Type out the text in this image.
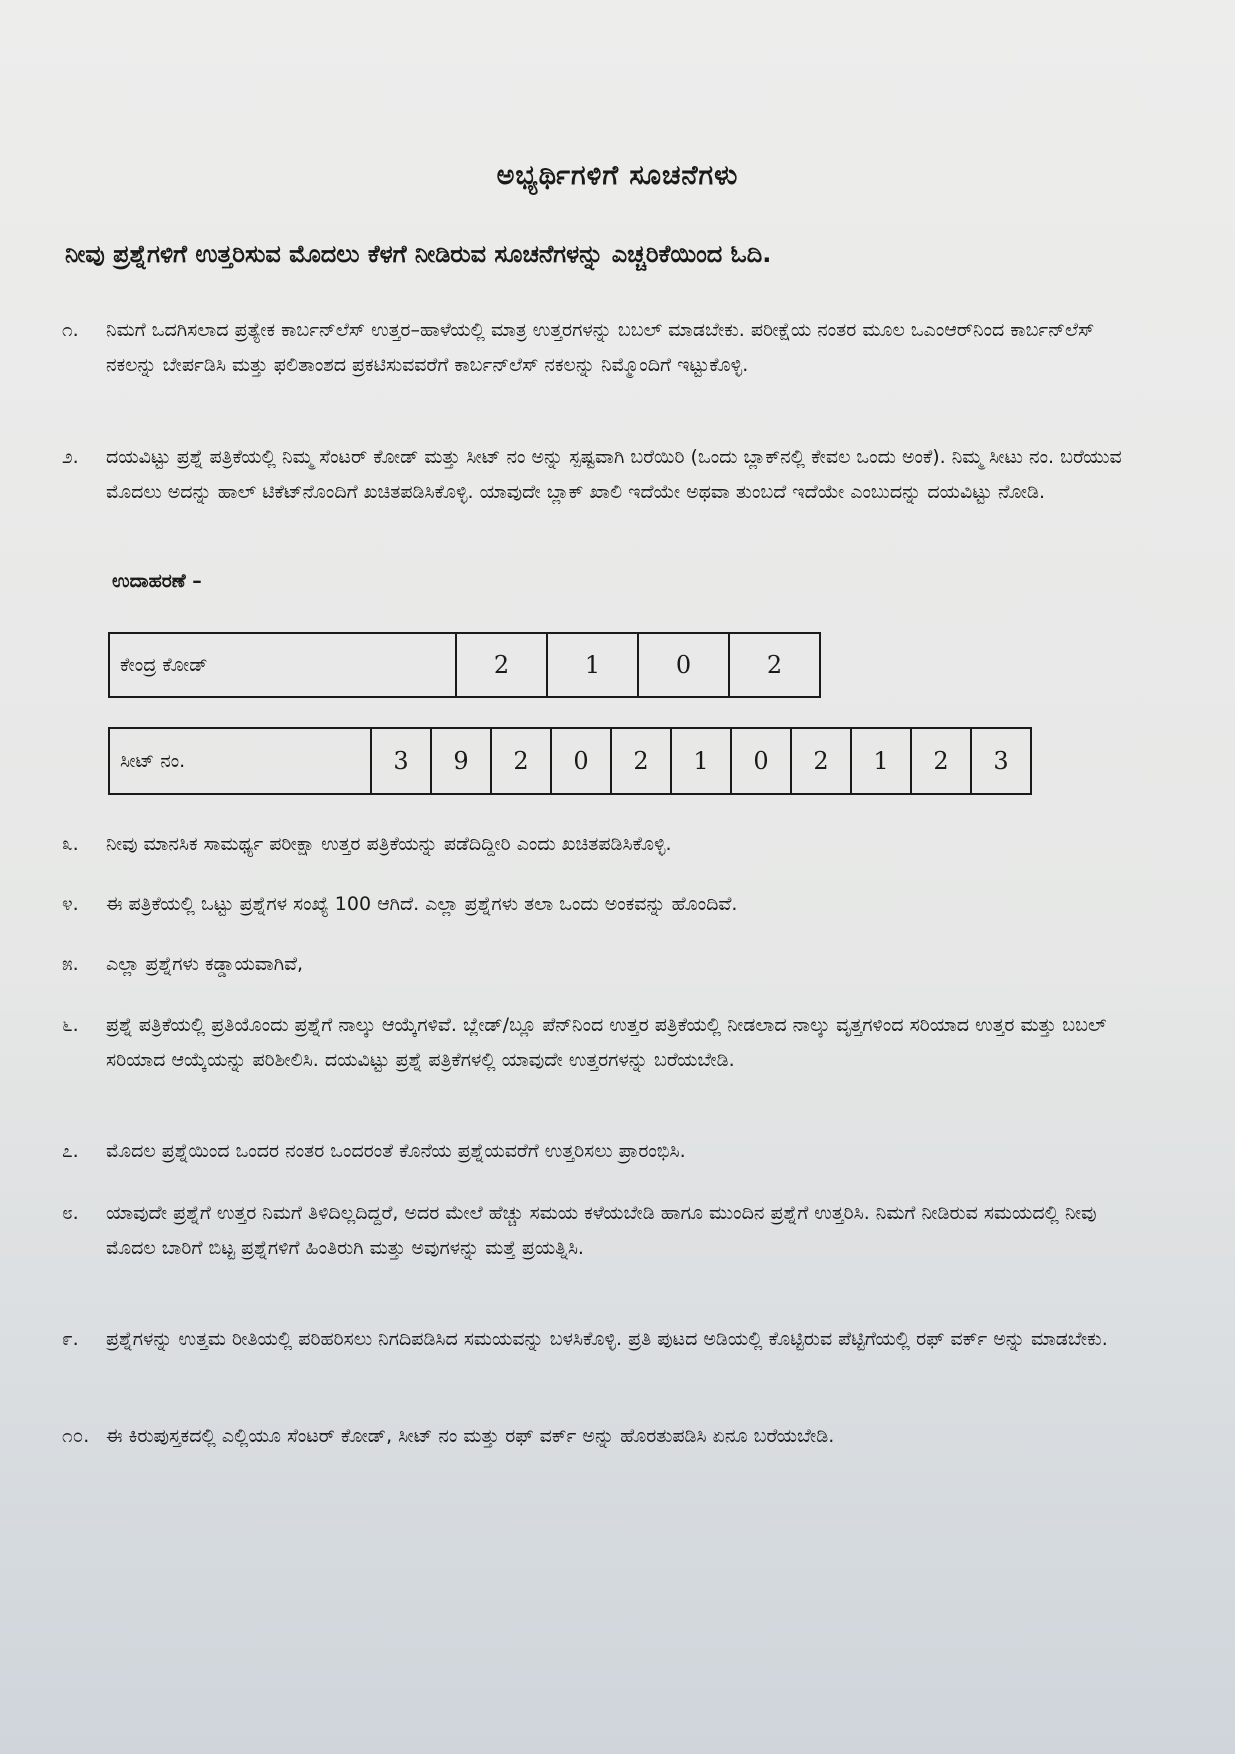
ಅಭ್ಯರ್ಥಿಗಳಿಗೆ ಸೂಚನೆಗಳು
ನೀವು ಪ್ರಶ್ನೆಗಳಿಗೆ ಉತ್ತರಿಸುವ ಮೊದಲು ಕೆಳಗೆ ನೀಡಿರುವ ಸೂಚನೆಗಳನ್ನು ಎಚ್ಚರಿಕೆಯಿಂದ ಓದಿ.
೧.	ನಿಮಗೆ ಒದಗಿಸಲಾದ ಪ್ರತ್ಯೇಕ ಕಾರ್ಬನ್‌ಲೆಸ್ ಉತ್ತರ–ಹಾಳೆಯಲ್ಲಿ ಮಾತ್ರ ಉತ್ತರಗಳನ್ನು ಬಬಲ್ ಮಾಡಬೇಕು. ಪರೀಕ್ಷೆಯ ನಂತರ ಮೂಲ ಒಎಂಆರ್‌ನಿಂದ ಕಾರ್ಬನ್‌ಲೆಸ್ ನಕಲನ್ನು ಬೇರ್ಪಡಿಸಿ ಮತ್ತು ಫಲಿತಾಂಶದ ಪ್ರಕಟಿಸುವವರೆಗೆ ಕಾರ್ಬನ್‌ಲೆಸ್ ನಕಲನ್ನು ನಿಮ್ಮೊಂದಿಗೆ ಇಟ್ಟುಕೊಳ್ಳಿ.
೨.	ದಯವಿಟ್ಟು ಪ್ರಶ್ನೆ ಪತ್ರಿಕೆಯಲ್ಲಿ ನಿಮ್ಮ ಸೆಂಟರ್ ಕೋಡ್ ಮತ್ತು ಸೀಟ್ ನಂ ಅನ್ನು ಸ್ಪಷ್ಟವಾಗಿ ಬರೆಯಿರಿ (ಒಂದು ಬ್ಲಾಕ್‌ನಲ್ಲಿ ಕೇವಲ ಒಂದು ಅಂಕೆ). ನಿಮ್ಮ ಸೀಟು ನಂ. ಬರೆಯುವ ಮೊದಲು ಅದನ್ನು ಹಾಲ್ ಟಿಕೆಟ್‌ನೊಂದಿಗೆ ಖಚಿತಪಡಿಸಿಕೊಳ್ಳಿ. ಯಾವುದೇ ಬ್ಲಾಕ್ ಖಾಲಿ ಇದೆಯೇ ಅಥವಾ ತುಂಬದೆ ಇದೆಯೇ ಎಂಬುದನ್ನು ದಯವಿಟ್ಟು ನೋಡಿ.
ಉದಾಹರಣೆ –
ಕೇಂದ್ರ ಕೋಡ್	2	1	0	2
ಸೀಟ್ ನಂ.	3	9	2	0	2	1	0	2	1	2	3
೩.	ನೀವು ಮಾನಸಿಕ ಸಾಮರ್ಥ್ಯ ಪರೀಕ್ಷಾ ಉತ್ತರ ಪತ್ರಿಕೆಯನ್ನು ಪಡೆದಿದ್ದೀರಿ ಎಂದು ಖಚಿತಪಡಿಸಿಕೊಳ್ಳಿ.
೪.	ಈ ಪತ್ರಿಕೆಯಲ್ಲಿ ಒಟ್ಟು ಪ್ರಶ್ನೆಗಳ ಸಂಖ್ಯೆ 100 ಆಗಿದೆ. ಎಲ್ಲಾ ಪ್ರಶ್ನೆಗಳು ತಲಾ ಒಂದು ಅಂಕವನ್ನು ಹೊಂದಿವೆ.
೫.	ಎಲ್ಲಾ ಪ್ರಶ್ನೆಗಳು ಕಡ್ಡಾಯವಾಗಿವೆ,
೬.	ಪ್ರಶ್ನೆ ಪತ್ರಿಕೆಯಲ್ಲಿ ಪ್ರತಿಯೊಂದು ಪ್ರಶ್ನೆಗೆ ನಾಲ್ಕು ಆಯ್ಕೆಗಳಿವೆ. ಬ್ಲೇಡ್/ಬ್ಲೂ ಪೆನ್‌ನಿಂದ ಉತ್ತರ ಪತ್ರಿಕೆಯಲ್ಲಿ ನೀಡಲಾದ ನಾಲ್ಕು ವೃತ್ತಗಳಿಂದ ಸರಿಯಾದ ಉತ್ತರ ಮತ್ತು ಬಬಲ್ ಸರಿಯಾದ ಆಯ್ಕೆಯನ್ನು ಪರಿಶೀಲಿಸಿ. ದಯವಿಟ್ಟು ಪ್ರಶ್ನೆ ಪತ್ರಿಕೆಗಳಲ್ಲಿ ಯಾವುದೇ ಉತ್ತರಗಳನ್ನು ಬರೆಯಬೇಡಿ.
೭.	ಮೊದಲ ಪ್ರಶ್ನೆಯಿಂದ ಒಂದರ ನಂತರ ಒಂದರಂತೆ ಕೊನೆಯ ಪ್ರಶ್ನೆಯವರೆಗೆ ಉತ್ತರಿಸಲು ಪ್ರಾರಂಭಿಸಿ.
೮.	ಯಾವುದೇ ಪ್ರಶ್ನೆಗೆ ಉತ್ತರ ನಿಮಗೆ ತಿಳಿದಿಲ್ಲದಿದ್ದರೆ, ಅದರ ಮೇಲೆ ಹೆಚ್ಚು ಸಮಯ ಕಳೆಯಬೇಡಿ ಹಾಗೂ ಮುಂದಿನ ಪ್ರಶ್ನೆಗೆ ಉತ್ತರಿಸಿ. ನಿಮಗೆ ನೀಡಿರುವ ಸಮಯದಲ್ಲಿ ನೀವು ಮೊದಲ ಬಾರಿಗೆ ಬಿಟ್ಟ ಪ್ರಶ್ನೆಗಳಿಗೆ ಹಿಂತಿರುಗಿ ಮತ್ತು ಅವುಗಳನ್ನು ಮತ್ತೆ ಪ್ರಯತ್ನಿಸಿ.
೯.	ಪ್ರಶ್ನೆಗಳನ್ನು ಉತ್ತಮ ರೀತಿಯಲ್ಲಿ ಪರಿಹರಿಸಲು ನಿಗದಿಪಡಿಸಿದ ಸಮಯವನ್ನು ಬಳಸಿಕೊಳ್ಳಿ. ಪ್ರತಿ ಪುಟದ ಅಡಿಯಲ್ಲಿ ಕೊಟ್ಟಿರುವ ಪೆಟ್ಟಿಗೆಯಲ್ಲಿ ರಫ್ ವರ್ಕ್ ಅನ್ನು ಮಾಡಬೇಕು.
೧೦. ಈ ಕಿರುಪುಸ್ತಕದಲ್ಲಿ ಎಲ್ಲಿಯೂ ಸೆಂಟರ್ ಕೋಡ್, ಸೀಟ್ ನಂ ಮತ್ತು ರಫ್ ವರ್ಕ್ ಅನ್ನು ಹೊರತುಪಡಿಸಿ ಏನೂ ಬರೆಯಬೇಡಿ.
